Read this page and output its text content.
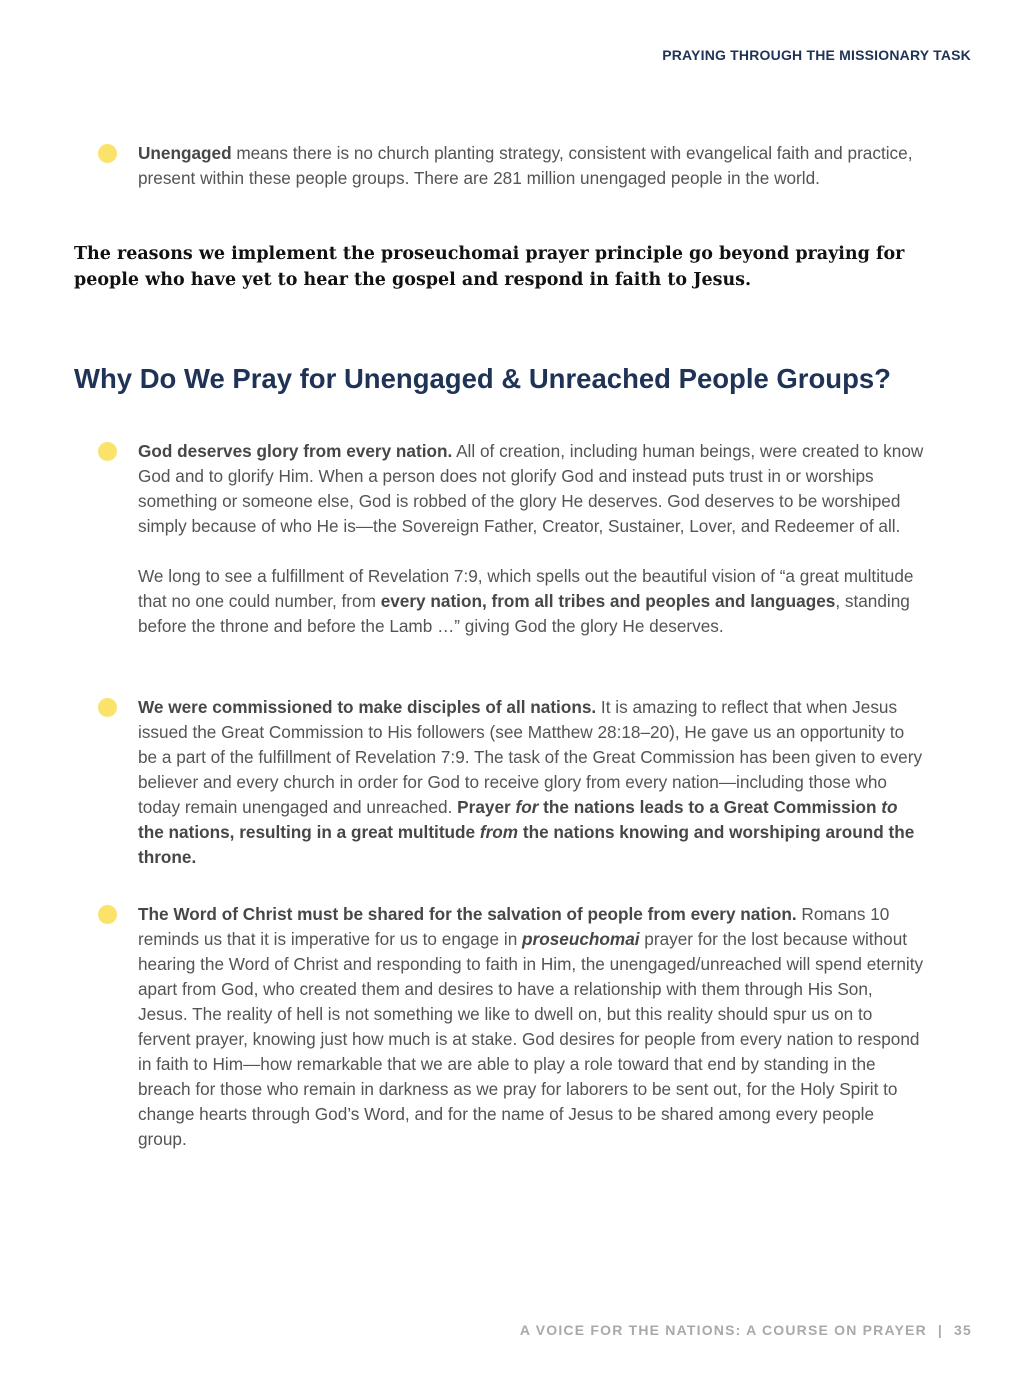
PRAYING THROUGH THE MISSIONARY TASK

Unengaged means there is no church planting strategy, consistent with evangelical faith and practice, present within these people groups. There are 281 million unengaged people in the world.

The reasons we implement the proseuchomai prayer principle go beyond praying for people who have yet to hear the gospel and respond in faith to Jesus.

Why Do We Pray for Unengaged & Unreached People Groups?

God deserves glory from every nation. All of creation, including human beings, were created to know God and to glorify Him. When a person does not glorify God and instead puts trust in or worships something or someone else, God is robbed of the glory He deserves. God deserves to be worshiped simply because of who He is—the Sovereign Father, Creator, Sustainer, Lover, and Redeemer of all.

We long to see a fulfillment of Revelation 7:9, which spells out the beautiful vision of “a great multitude that no one could number, from every nation, from all tribes and peoples and languages, standing before the throne and before the Lamb …” giving God the glory He deserves.

We were commissioned to make disciples of all nations. It is amazing to reflect that when Jesus issued the Great Commission to His followers (see Matthew 28:18–20), He gave us an opportunity to be a part of the fulfillment of Revelation 7:9. The task of the Great Commission has been given to every believer and every church in order for God to receive glory from every nation—including those who today remain unengaged and unreached. Prayer for the nations leads to a Great Commission to the nations, resulting in a great multitude from the nations knowing and worshiping around the throne.

The Word of Christ must be shared for the salvation of people from every nation. Romans 10 reminds us that it is imperative for us to engage in proseuchomai prayer for the lost because without hearing the Word of Christ and responding to faith in Him, the unengaged/unreached will spend eternity apart from God, who created them and desires to have a relationship with them through His Son, Jesus. The reality of hell is not something we like to dwell on, but this reality should spur us on to fervent prayer, knowing just how much is at stake. God desires for people from every nation to respond in faith to Him—how remarkable that we are able to play a role toward that end by standing in the breach for those who remain in darkness as we pray for laborers to be sent out, for the Holy Spirit to change hearts through God’s Word, and for the name of Jesus to be shared among every people group.

A VOICE FOR THE NATIONS: A COURSE ON PRAYER | 35
